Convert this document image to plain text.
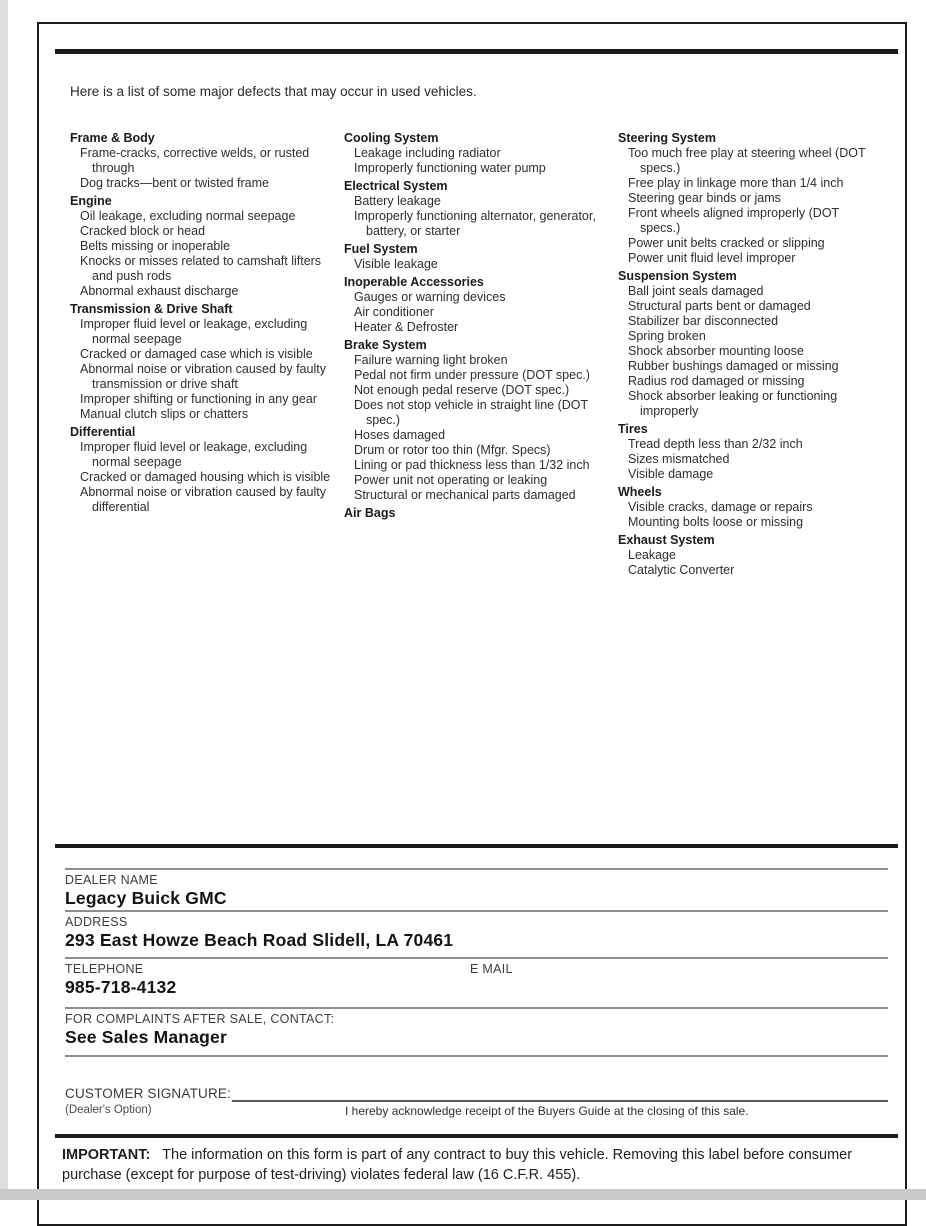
Here is a list of some major defects that may occur in used vehicles.
Frame & Body
Frame-cracks, corrective welds, or rusted through
Dog tracks—bent or twisted frame
Engine
Oil leakage, excluding normal seepage
Cracked block or head
Belts missing or inoperable
Knocks or misses related to camshaft lifters and push rods
Abnormal exhaust discharge
Transmission & Drive Shaft
Improper fluid level or leakage, excluding normal seepage
Cracked or damaged case which is visible
Abnormal noise or vibration caused by faulty transmission or drive shaft
Improper shifting or functioning in any gear
Manual clutch slips or chatters
Differential
Improper fluid level or leakage, excluding normal seepage
Cracked or damaged housing which is visible
Abnormal noise or vibration caused by faulty differential
Cooling System
Leakage including radiator
Improperly functioning water pump
Electrical System
Battery leakage
Improperly functioning alternator, generator, battery, or starter
Fuel System
Visible leakage
Inoperable Accessories
Gauges or warning devices
Air conditioner
Heater & Defroster
Brake System
Failure warning light broken
Pedal not firm under pressure (DOT spec.)
Not enough pedal reserve (DOT spec.)
Does not stop vehicle in straight line (DOT spec.)
Hoses damaged
Drum or rotor too thin (Mfgr. Specs)
Lining or pad thickness less than 1/32 inch
Power unit not operating or leaking
Structural or mechanical parts damaged
Air Bags
Steering System
Too much free play at steering wheel (DOT specs.)
Free play in linkage more than 1/4 inch
Steering gear binds or jams
Front wheels aligned improperly (DOT specs.)
Power unit belts cracked or slipping
Power unit fluid level improper
Suspension System
Ball joint seals damaged
Structural parts bent or damaged
Stabilizer bar disconnected
Spring broken
Shock absorber mounting loose
Rubber bushings damaged or missing
Radius rod damaged or missing
Shock absorber leaking or functioning improperly
Tires
Tread depth less than 2/32 inch
Sizes mismatched
Visible damage
Wheels
Visible cracks, damage or repairs
Mounting bolts loose or missing
Exhaust System
Leakage
Catalytic Converter
DEALER NAME
Legacy Buick GMC
ADDRESS
293 East Howze Beach Road Slidell, LA 70461
TELEPHONE	E MAIL
985-718-4132
FOR COMPLAINTS AFTER SALE, CONTACT:
See Sales Manager
CUSTOMER SIGNATURE:
(Dealer's Option)	I hereby acknowledge receipt of the Buyers Guide at the closing of this sale.
IMPORTANT: The information on this form is part of any contract to buy this vehicle. Removing this label before consumer purchase (except for purpose of test-driving) violates federal law (16 C.F.R. 455).
